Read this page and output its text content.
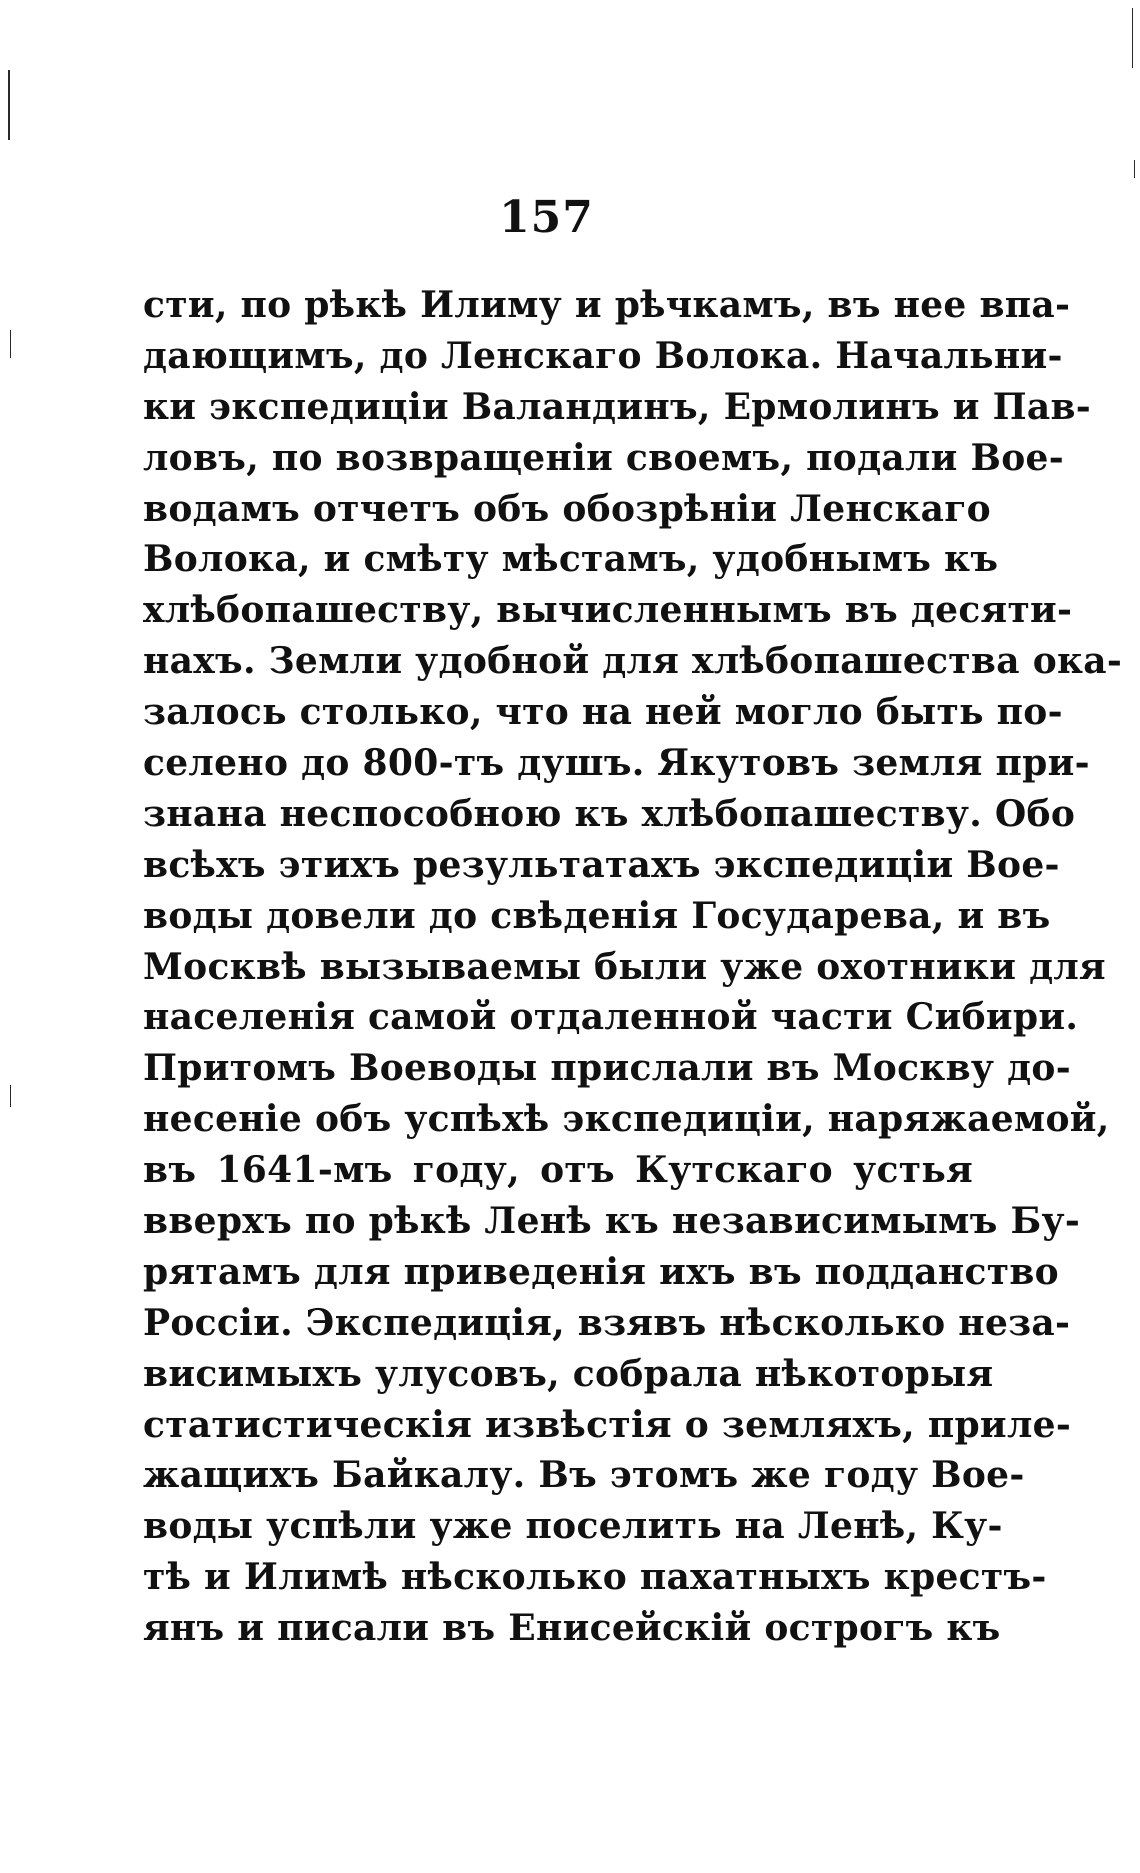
157
сти, по рѣкѣ Илиму и рѣчкамъ, въ нее впа-
дающимъ, до Ленскаго Волока. Начальни-
ки экспедиціи Валандинъ, Ермолинъ и Пав-
ловъ, по возвращеніи своемъ, подали Вое-
водамъ отчетъ объ обозрѣніи Ленскаго
Волока, и смѣту мѣстамъ, удобнымъ къ
хлѣбопашеству, вычисленнымъ въ десяти-
нахъ. Земли удобной для хлѣбопашества ока-
залось столько, что на ней могло быть по-
селено до 800-тъ душъ. Якутовъ земля при-
знана неспособною къ хлѣбопашеству. Обо
всѣхъ этихъ результатахъ экспедиціи Вое-
воды довели до свѣденія Государева, и въ
Москвѣ вызываемы были уже охотники для
населенія самой отдаленной части Сибири.
Притомъ Воеводы прислали въ Москву до-
несеніе объ успѣхѣ экспедиціи, наряжаемой,
въ 1641-мъ году, отъ Кутскаго устья
вверхъ по рѣкѣ Ленѣ къ независимымъ Бу-
рятамъ для приведенія ихъ въ подданство
Россіи. Экспедиція, взявъ нѣсколько неза-
висимыхъ улусовъ, собрала нѣкоторыя
статистическія извѣстія о земляхъ, приле-
жащихъ Байкалу. Въ этомъ же году Вое-
воды успѣли уже поселить на Ленѣ, Ку-
тѣ и Илимѣ нѣсколько пахатныхъ крестъ-
янъ и писали въ Енисейскій острогъ къ
